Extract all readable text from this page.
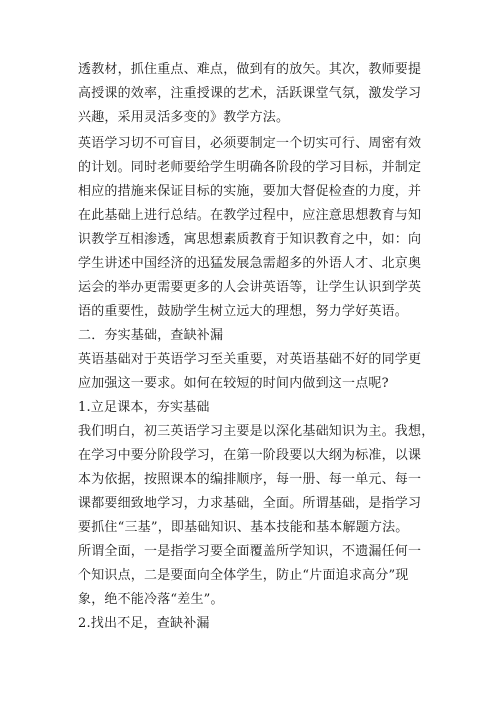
透教材，抓住重点、难点，做到有的放矢。其次，教师要提
高授课的效率，注重授课的艺术，活跃课堂气氛，激发学习
兴趣，采用灵活多变的》教学方法。
英语学习切不可盲目，必须要制定一个切实可行、周密有效
的计划。同时老师要给学生明确各阶段的学习目标，并制定
相应的措施来保证目标的实施，要加大督促检查的力度，并
在此基础上进行总结。在教学过程中，应注意思想教育与知
识教学互相渗透，寓思想素质教育于知识教育之中，如：向
学生讲述中国经济的迅猛发展急需超多的外语人才、北京奥
运会的举办更需要更多的人会讲英语等，让学生认识到学英
语的重要性，鼓励学生树立远大的理想，努力学好英语。
二．夯实基础，查缺补漏
英语基础对于英语学习至关重要，对英语基础不好的同学更
应加强这一要求。如何在较短的时间内做到这一点呢?
1.立足课本，夯实基础
我们明白，初三英语学习主要是以深化基础知识为主。我想，
在学习中要分阶段学习，在第一阶段要以大纲为标准，以课
本为依据，按照课本的编排顺序，每一册、每一单元、每一
课都要细致地学习，力求基础，全面。所谓基础，是指学习
要抓住“三基”，即基础知识、基本技能和基本解题方法。
所谓全面，一是指学习要全面覆盖所学知识，不遗漏任何一
个知识点，二是要面向全体学生，防止“片面追求高分”现
象，绝不能冷落“差生”。
2.找出不足，查缺补漏
